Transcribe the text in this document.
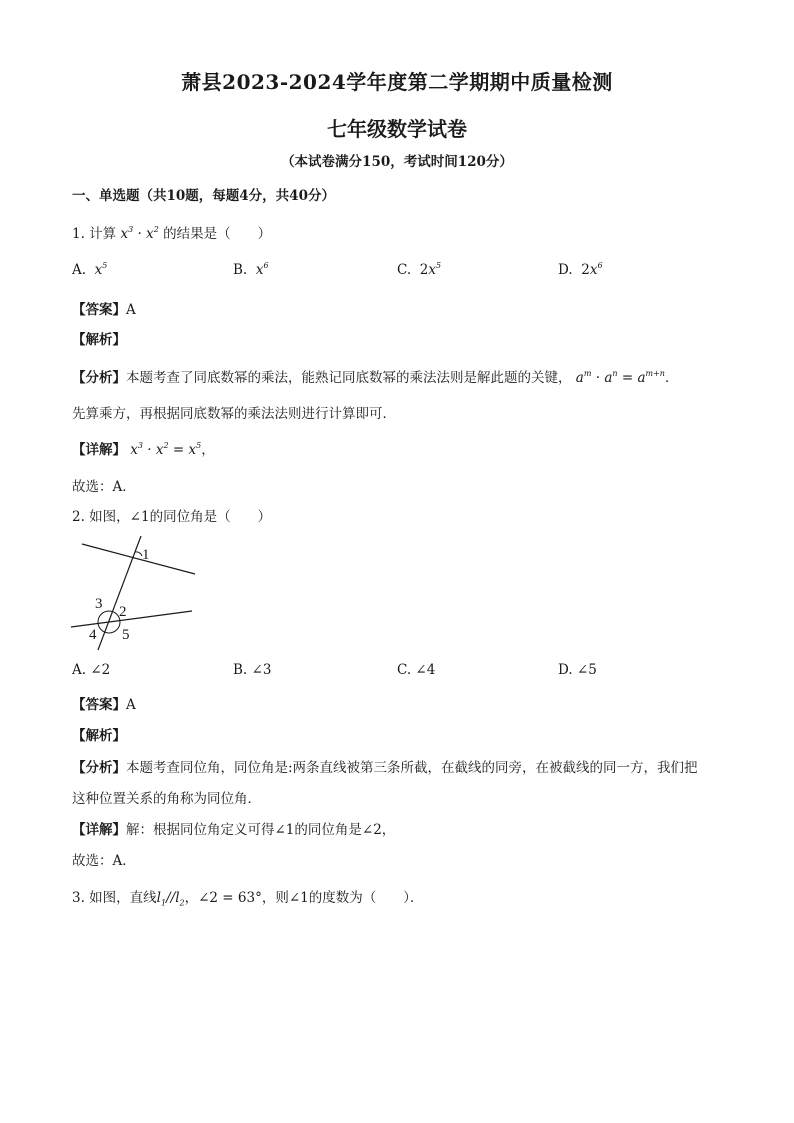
萧县2023-2024学年度第二学期期中质量检测
七年级数学试卷
（本试卷满分150，考试时间120分）
一、单选题（共10题，每题4分，共40分）
1. 计算 $x^3 \cdot x^2$ 的结果是（　　）
A. $x^5$	B. $x^6$	C. $2x^5$	D. $2x^6$
【答案】A
【解析】
【分析】本题考查了同底数幂的乘法，能熟记同底数幂的乘法法则是解此题的关键， $a^m \cdot a^n = a^{m+n}$．
先算乘方，再根据同底数幂的乘法法则进行计算即可．
【详解】 $x^3 \cdot x^2 = x^5$，
故选：A．
2. 如图，∠1的同位角是（　　）
1
3 2
4 5
A. ∠2	B. ∠3	C. ∠4	D. ∠5
【答案】A
【解析】
【分析】本题考查同位角，同位角是:两条直线被第三条所截，在截线的同旁，在被截线的同一方，我们把
这种位置关系的角称为同位角．
【详解】解：根据同位角定义可得∠1的同位角是∠2，
故选：A．
3. 如图，直线$l_1//l_2$，∠2 = 63°，则∠1的度数为（　　）．
